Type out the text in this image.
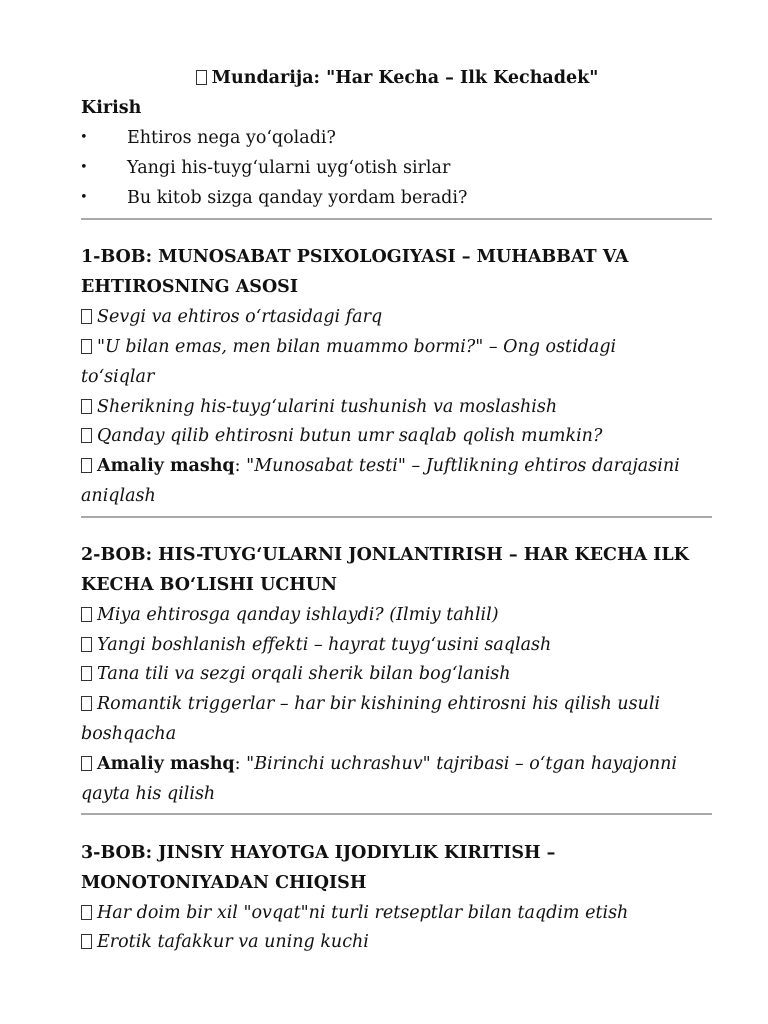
Mundarija: "Har Kecha – Ilk Kechadek"
Kirish
• Ehtiros nega yo‘qoladi?
• Yangi his-tuyg‘ularni uyg‘otish sirlar
• Bu kitob sizga qanday yordam beradi?
1-BOB: MUNOSABAT PSIXOLOGIYASI – MUHABBAT VA
EHTIROSNING ASOSI
Sevgi va ehtiros o‘rtasidagi farq
"U bilan emas, men bilan muammo bormi?" – Ong ostidagi
to‘siqlar
Sherikning his-tuyg‘ularini tushunish va moslashish
Qanday qilib ehtirosni butun umr saqlab qolish mumkin?
Amaliy mashq: "Munosabat testi" – Juftlikning ehtiros darajasini
aniqlash
2-BOB: HIS-TUYG‘ULARNI JONLANTIRISH – HAR KECHA ILK
KECHA BO‘LISHI UCHUN
Miya ehtirosga qanday ishlaydi? (Ilmiy tahlil)
Yangi boshlanish effekti – hayrat tuyg‘usini saqlash
Tana tili va sezgi orqali sherik bilan bog‘lanish
Romantik triggerlar – har bir kishining ehtirosni his qilish usuli
boshqacha
Amaliy mashq: "Birinchi uchrashuv" tajribasi – o‘tgan hayajonni
qayta his qilish
3-BOB: JINSIY HAYOTGA IJODIYLIK KIRITISH –
MONOTONIYADAN CHIQISH
Har doim bir xil "ovqat"ni turli retseptlar bilan taqdim etish
Erotik tafakkur va uning kuchi
